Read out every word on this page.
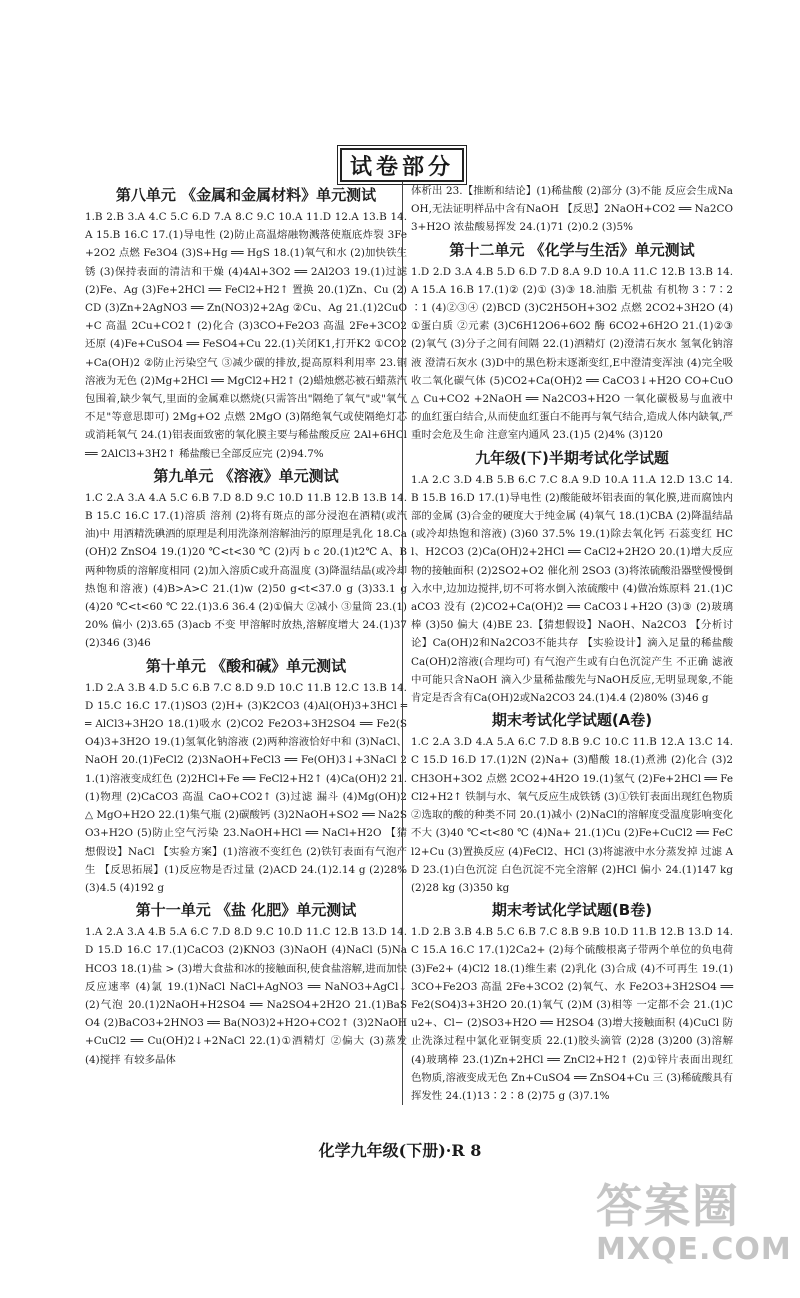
试卷部分
第八单元 《金属和金属材料》单元测试

1.B 2.B 3.A 4.C 5.C 6.D 7.A 8.C 9.C 10.A 11.D 12.A 13.B 14.A 15.B 16.C 17.(1)导电性 (2)防止高温熔融物溅落使瓶底炸裂 3Fe+2O2 点燃 Fe3O4 (3)S+Hg ══ HgS 18.(1)氧气和水 (2)加快铁生锈 (3)保持表面的清洁和干燥 (4)4Al+3O2 ══ 2Al2O3 19.(1)过滤 (2)Fe、Ag (3)Fe+2HCl ══ FeCl2+H2↑ 置换 20.(1)Zn、Cu (2)CD (3)Zn+2AgNO3 ══ Zn(NO3)2+2Ag ②Cu、Ag 21.(1)2CuO+C 高温 2Cu+CO2↑ (2)化合 (3)3CO+Fe2O3 高温 2Fe+3CO2 还原 (4)Fe+CuSO4 ══ FeSO4+Cu 22.(1)关闭K1,打开K2 ①CO2+Ca(OH)2 ②防止污染空气 ③减少碳的排放,提高原料利用率 23.铜 溶液为无色 (2)Mg+2HCl ══ MgCl2+H2↑ (2)蜡烛燃芯被石蜡蒸汽包围着,缺少氧气,里面的金属难以燃烧(只需答出"隔绝了氧气"或"氧气不足"等意思即可) 2Mg+O2 点燃 2MgO (3)隔绝氧气或使隔绝灯芯或消耗氧气 24.(1)铝表面致密的氧化膜主要与稀盐酸反应 2Al+6HCl ══ 2AlCl3+3H2↑ 稀盐酸已全部反应完 (2)94.7%

第九单元 《溶液》单元测试

1.C 2.A 3.A 4.A 5.C 6.B 7.D 8.D 9.C 10.D 11.B 12.B 13.B 14.B 15.C 16.C 17.(1)溶质 溶剂 (2)将有斑点的部分浸泡在酒精(或汽油)中 用酒精洗碘酒的原理是利用洗涤剂溶解油污的原理是乳化 18.Ca(OH)2 ZnSO4 19.(1)20 ℃<t<30 ℃ (2)丙 b c 20.(1)t2℃ A、B两种物质的溶解度相同 (2)加入溶质C或升高温度 (3)降温结晶(或冷却热饱和溶液) (4)B>A>C 21.(1)w (2)50 g<t<37.0 g (3)33.1 g (4)20 ℃<t<60 ℃ 22.(1)3.6 36.4 (2)①偏大 ②减小 ③量筒 23.(1)20% 偏小 (2)3.65 (3)acb 不变 甲溶解时放热,溶解度增大 24.(1)37 (2)346 (3)46

第十单元 《酸和碱》单元测试

1.D 2.A 3.B 4.D 5.C 6.B 7.C 8.D 9.D 10.C 11.B 12.C 13.B 14.D 15.C 16.C 17.(1)SO3 (2)H+ (3)K2CO3 (4)Al(OH)3+3HCl ══ AlCl3+3H2O 18.(1)吸水 (2)CO2 Fe2O3+3H2SO4 ══ Fe2(SO4)3+3H2O 19.(1)氢氧化钠溶液 (2)两种溶液恰好中和 (3)NaCl、NaOH 20.(1)FeCl2 (2)3NaOH+FeCl3 ══ Fe(OH)3↓+3NaCl 21.(1)溶液变成红色 (2)2HCl+Fe ══ FeCl2+H2↑ (4)Ca(OH)2 21.(1)物理 (2)CaCO3 高温 CaO+CO2↑ (3)过滤 漏斗 (4)Mg(OH)2 △ MgO+H2O 22.(1)集气瓶 (2)碳酸钙 (3)2NaOH+SO2 ══ Na2SO3+H2O (5)防止空气污染 23.NaOH+HCl ══ NaCl+H2O 【猜想假设】NaCl 【实验方案】(1)溶液不变红色 (2)铁钉表面有气泡产生 【反思拓展】(1)反应物是否过量 (2)ACD 24.(1)2.14 g (2)28% (3)4.5 (4)192 g

第十一单元 《盐 化肥》单元测试

1.A 2.A 3.A 4.B 5.A 6.C 7.D 8.D 9.C 10.D 11.C 12.B 13.D 14.D 15.D 16.C 17.(1)CaCO3 (2)KNO3 (3)NaOH (4)NaCl (5)NaHCO3 18.(1)盐 > (3)增大食盐和冰的接触面积,使食盐溶解,进而加快反应速率 (4)氯 19.(1)NaCl NaCl+AgNO3 ══ NaNO3+AgCl↓ (2)气泡 20.(1)2NaOH+H2SO4 ══ Na2SO4+2H2O 21.(1)BaSO4 (2)BaCO3+2HNO3 ══ Ba(NO3)2+H2O+CO2↑ (3)2NaOH+CuCl2 ══ Cu(OH)2↓+2NaCl 22.(1)①酒精灯 ②偏大 (3)蒸发 (4)搅拌 有较多晶体

体析出 23.【推断和结论】(1)稀盐酸 (2)部分 (3)不能 反应会生成NaOH,无法证明样品中含有NaOH 【反思】2NaOH+CO2 ══ Na2CO3+H2O 浓盐酸易挥发 24.(1)71 (2)0.2 (3)5%

第十二单元 《化学与生活》单元测试

1.D 2.D 3.A 4.B 5.D 6.D 7.D 8.A 9.D 10.A 11.C 12.B 13.B 14.A 15.A 16.B 17.(1)② (2)① (3)③ 18.油脂 无机盐 有机物 3∶7∶2∶1 (4)②③④ (2)BCD (3)C2H5OH+3O2 点燃 2CO2+3H2O (4)①蛋白质 ②元素 (3)C6H12O6+6O2 酶 6CO2+6H2O 21.(1)②③ (2)氧气 (3)分子之间有间隔 22.(1)酒精灯 (2)澄清石灰水 氢氧化钠溶液 澄清石灰水 (3)D中的黑色粉末逐渐变红,E中澄清变浑浊 (4)完全吸收二氧化碳气体 (5)CO2+Ca(OH)2 ══ CaCO3↓+H2O CO+CuO △ Cu+CO2 +2NaOH ══ Na2CO3+H2O 一氧化碳极易与血液中的血红蛋白结合,从而使血红蛋白不能再与氧气结合,造成人体内缺氧,严重时会危及生命 注意室内通风 23.(1)5 (2)4% (3)120

九年级(下)半期考试化学试题

1.A 2.C 3.D 4.B 5.B 6.C 7.C 8.A 9.D 10.A 11.A 12.D 13.C 14.B 15.B 16.D 17.(1)导电性 (2)酸能破坏铝表面的氧化膜,进而腐蚀内部的金属 (3)合金的硬度大于纯金属 (4)氧气 18.(1)CBA (2)降温结晶(或冷却热饱和溶液) (3)60 37.5% 19.(1)除去氧化钙 石蕊变红 HCl、H2CO3 (2)Ca(OH)2+2HCl ══ CaCl2+2H2O 20.(1)增大反应物的接触面积 (2)2SO2+O2 催化剂 2SO3 (3)将浓硫酸沿器壁慢慢倒入水中,边加边搅拌,切不可将水倒入浓硫酸中 (4)做冶炼原料 21.(1)CaCO3 没有 (2)CO2+Ca(OH)2 ══ CaCO3↓+H2O (3)③ (2)玻璃棒 (3)50 偏大 (4)BE 23.【猜想假设】NaOH、Na2CO3 【分析讨论】Ca(OH)2和Na2CO3不能共存 【实验设计】滴入足量的稀盐酸 Ca(OH)2溶液(合理均可) 有气泡产生或有白色沉淀产生 不正确 滤液中可能只含NaOH 滴入少量稀盐酸先与NaOH反应,无明显现象,不能肯定是否含有Ca(OH)2或Na2CO3 24.(1)4.4 (2)80% (3)46 g

期末考试化学试题(A卷)

1.C 2.A 3.D 4.A 5.A 6.C 7.D 8.B 9.C 10.C 11.B 12.A 13.C 14.C 15.D 16.D 17.(1)2N (2)Na+ (3)醋酸 18.(1)煮沸 (2)化合 (3)2CH3OH+3O2 点燃 2CO2+4H2O 19.(1)氢气 (2)Fe+2HCl ══ FeCl2+H2↑ 铁制与水、氧气反应生成铁锈 (3)①铁钉表面出现红色物质 ②选取的酸的种类不同 20.(1)减小 (2)NaCl的溶解度受温度影响变化不大 (3)40 ℃<t<80 ℃ (4)Na+ 21.(1)Cu (2)Fe+CuCl2 ══ FeCl2+Cu (3)置换反应 (4)FeCl2、HCl (3)将滤液中水分蒸发掉 过滤 AD 23.(1)白色沉淀 白色沉淀不完全溶解 (2)HCl 偏小 24.(1)147 kg (2)28 kg (3)350 kg

期末考试化学试题(B卷)

1.D 2.B 3.B 4.B 5.C 6.B 7.C 8.B 9.B 10.D 11.B 12.B 13.D 14.C 15.A 16.C 17.(1)2Ca2+ (2)每个硫酸根离子带两个单位的负电荷 (3)Fe2+ (4)Cl2 18.(1)维生素 (2)乳化 (3)合成 (4)不可再生 19.(1)3CO+Fe2O3 高温 2Fe+3CO2 (2)氧气、水 Fe2O3+3H2SO4 ══ Fe2(SO4)3+3H2O 20.(1)氧气 (2)M (3)相等 一定都不会 21.(1)Cu2+、Cl− (2)SO3+H2O ══ H2SO4 (3)增大接触面积 (4)CuCl 防止洗涤过程中氯化亚铜变质 22.(1)胶头滴管 (2)28 (3)200 (3)溶解 (4)玻璃棒 23.(1)Zn+2HCl ══ ZnCl2+H2↑ (2)①锌片表面出现红色物质,溶液变成无色 Zn+CuSO4 ══ ZnSO4+Cu 三 (3)稀硫酸具有挥发性 24.(1)13∶2∶8 (2)75 g (3)7.1%

化学九年级(下册)·R 8
答案圈
MXQE.COM
